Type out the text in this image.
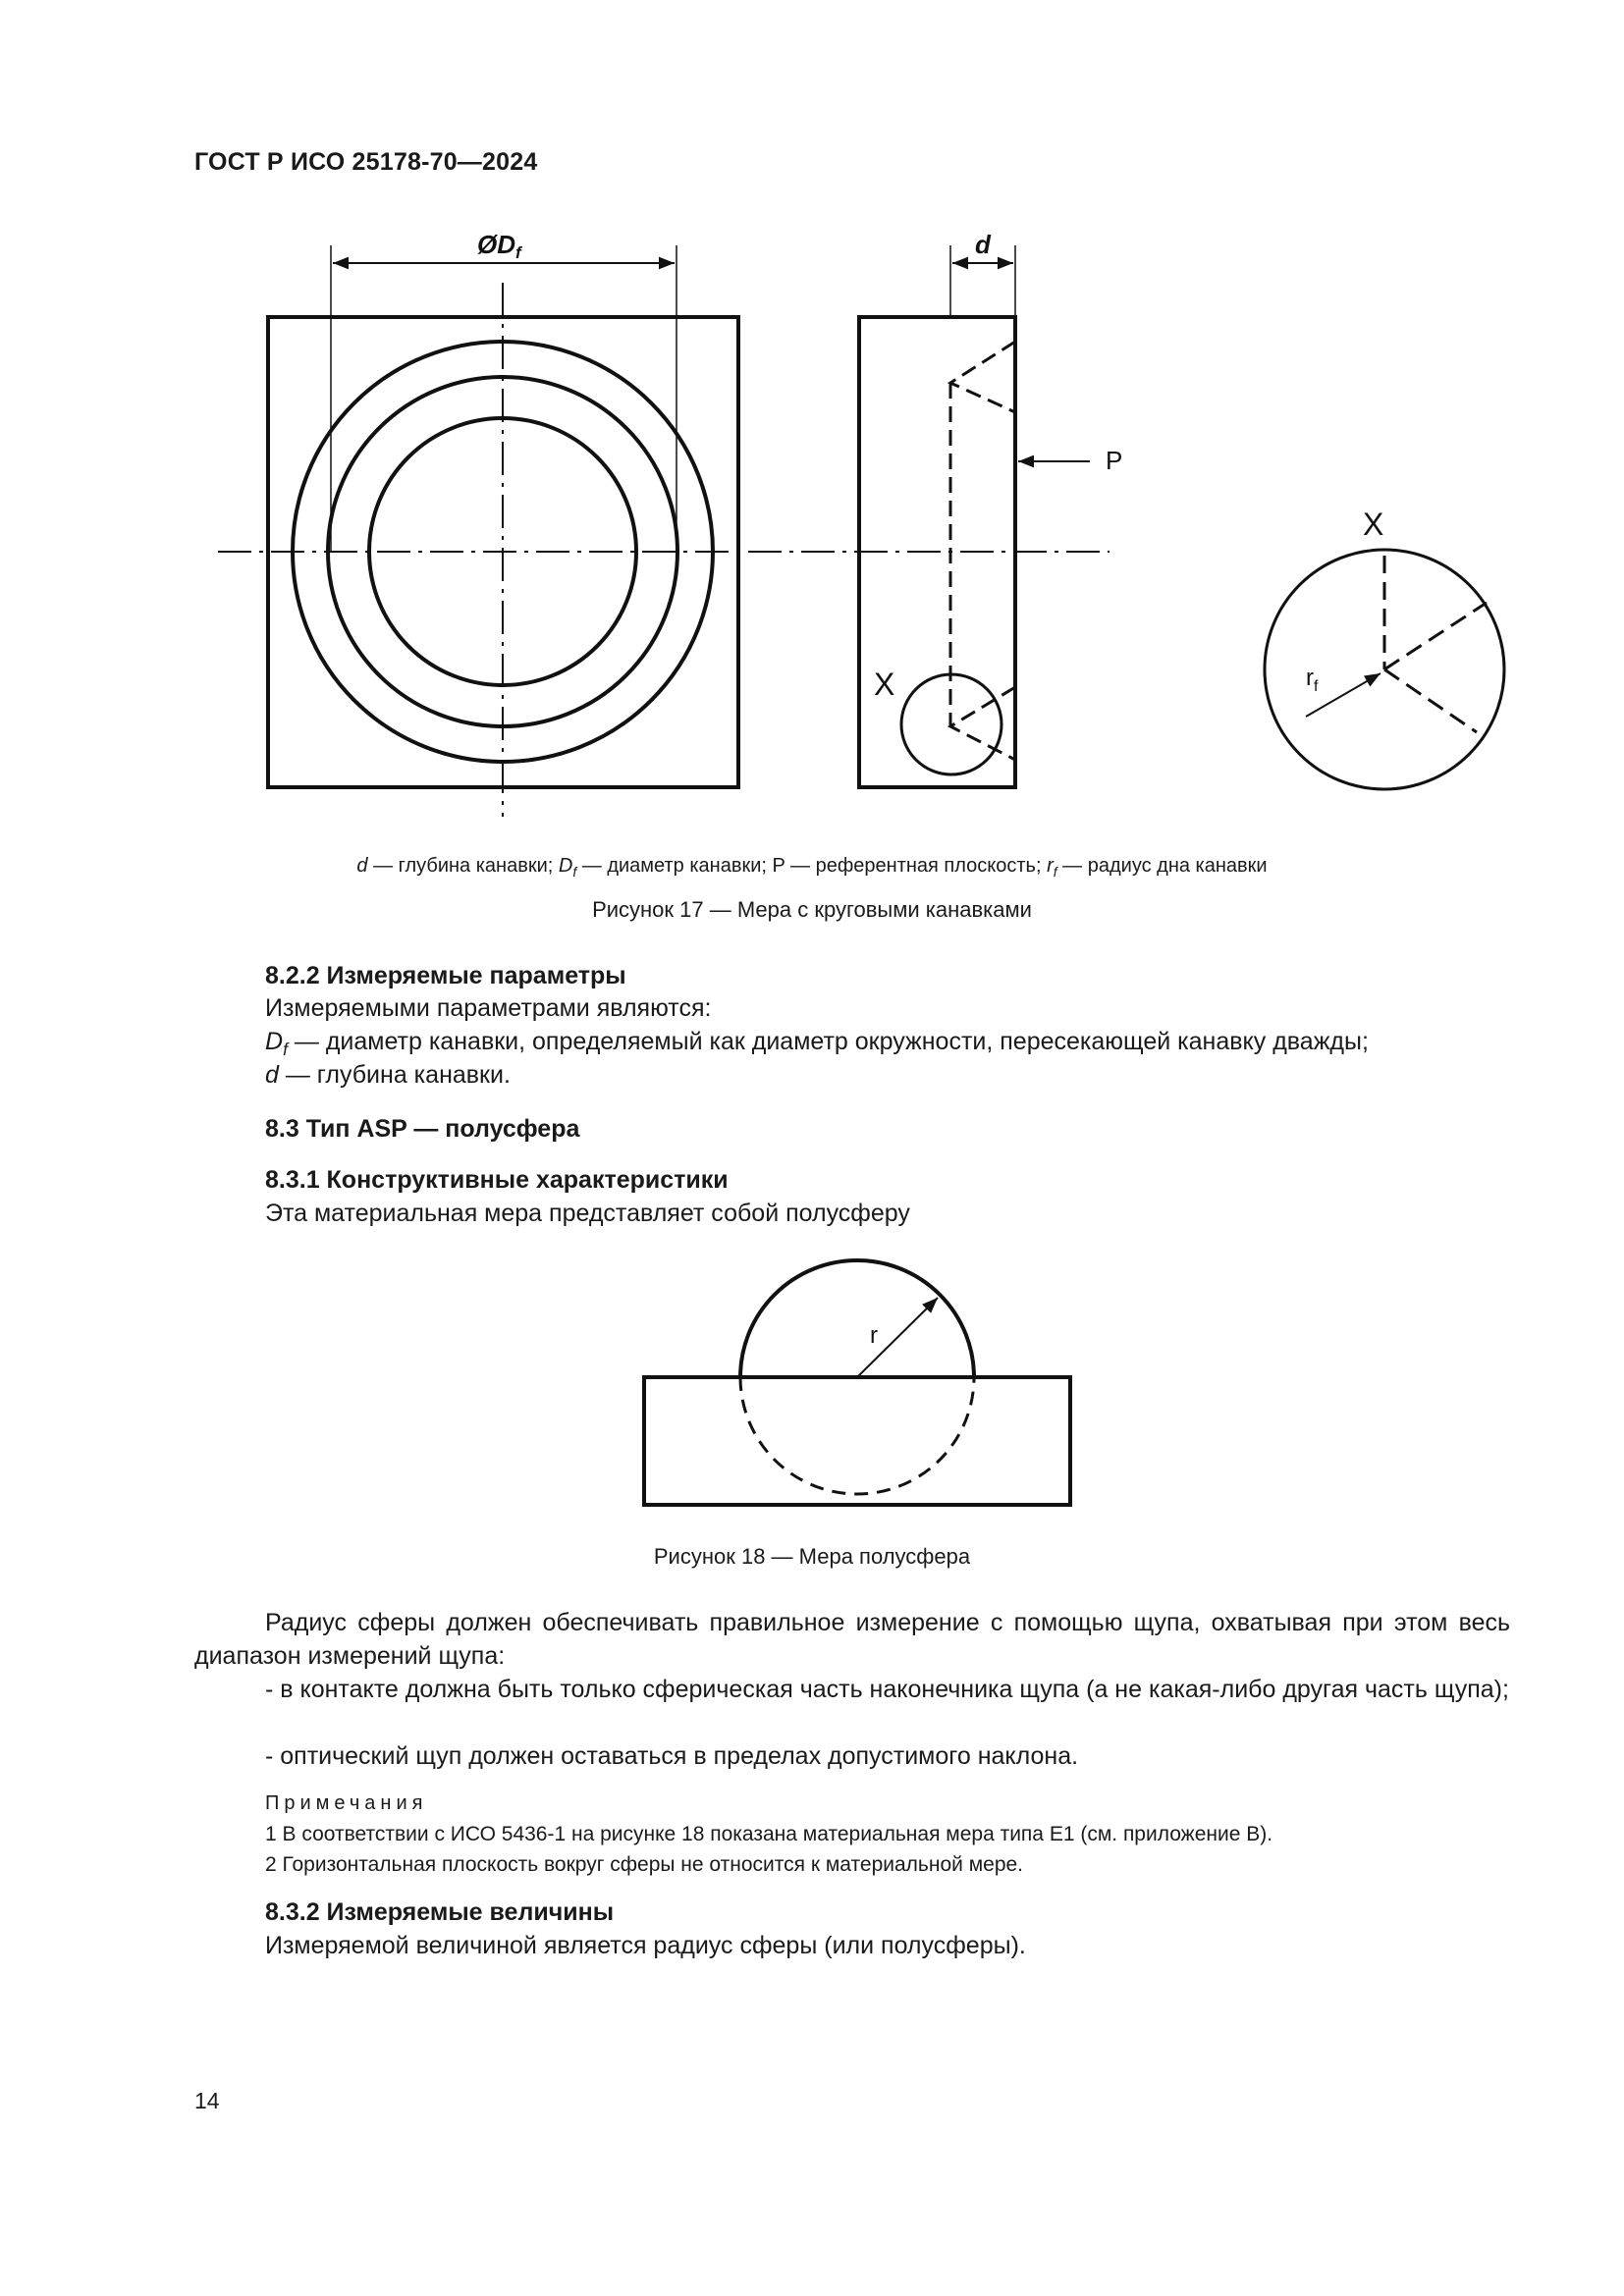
ГОСТ Р ИСО 25178-70—2024
ØDf	d
P
X
X
$r_f$
r
d — глубина канавки; $D_f$ — диаметр канавки; P — референтная плоскость; $r_f$ — радиус дна канавки
Рисунок 17 — Мера с круговыми канавками
8.2.2 Измеряемые параметры
Измеряемыми параметрами являются:
$D_f$ — диаметр канавки, определяемый как диаметр окружности, пересекающей канавку дважды;
d — глубина канавки.
8.3 Тип ASP — полусфера
8.3.1 Конструктивные характеристики
Эта материальная мера представляет собой полусферу
Рисунок 18 — Мера полусфера
Радиус сферы должен обеспечивать правильное измерение с помощью щупа, охватывая при этом весь диапазон измерений щупа:
- в контакте должна быть только сферическая часть наконечника щупа (а не какая-либо другая часть щупа);
- оптический щуп должен оставаться в пределах допустимого наклона.
Примечания
1 В соответствии с ИСО 5436-1 на рисунке 18 показана материальная мера типа E1 (см. приложение B).
2 Горизонтальная плоскость вокруг сферы не относится к материальной мере.
8.3.2 Измеряемые величины
Измеряемой величиной является радиус сферы (или полусферы).
14
